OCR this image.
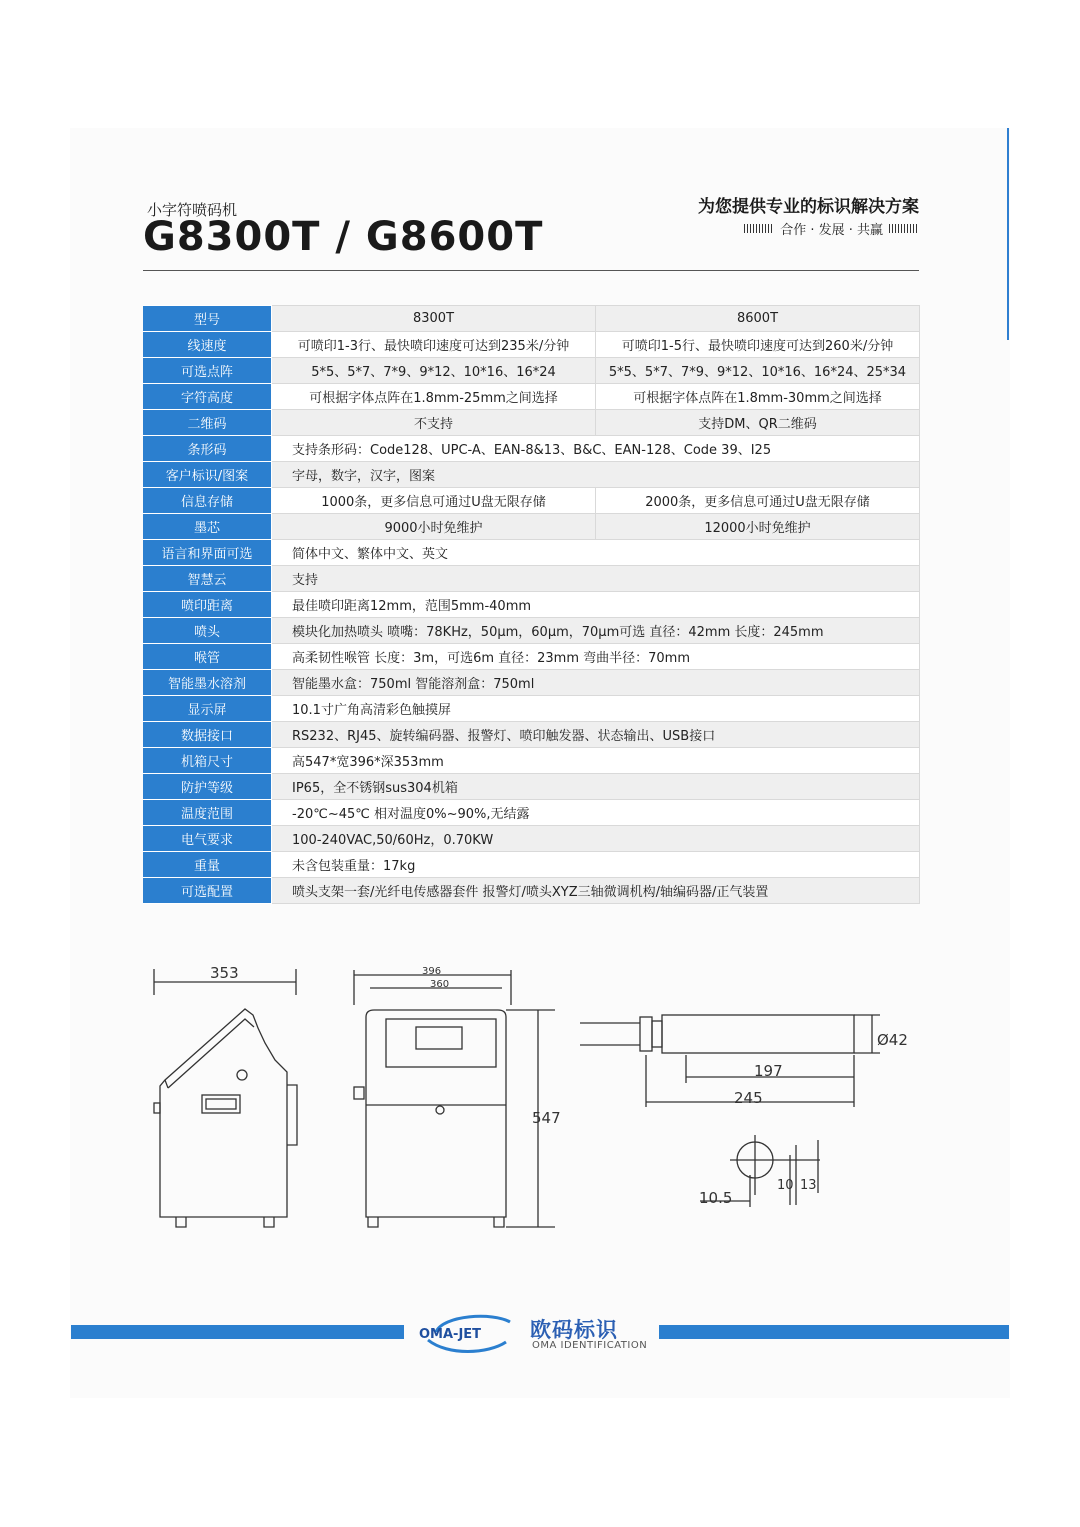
小字符喷码机
G8300T / G8600T
为您提供专业的标识解决方案
合作 · 发展 · 共赢
型号	8300T	8600T
线速度	可喷印1-3行、最快喷印速度可达到235米/分钟	可喷印1-5行、最快喷印速度可达到260米/分钟
可选点阵	5*5、5*7、7*9、9*12、10*16、16*24	5*5、5*7、7*9、9*12、10*16、16*24、25*34
字符高度	可根据字体点阵在1.8mm-25mm之间选择	可根据字体点阵在1.8mm-30mm之间选择
二维码	不支持	支持DM、QR二维码
条形码	支持条形码：Code128、UPC-A、EAN-8&13、B&C、EAN-128、Code 39、I25	
客户标识/图案	字母，数字，汉字，图案	
信息存储	1000条，更多信息可通过U盘无限存储	2000条，更多信息可通过U盘无限存储
墨芯	9000小时免维护	12000小时免维护
语言和界面可选	简体中文、繁体中文、英文	
智慧云	支持	
喷印距离	最佳喷印距离12mm，范围5mm-40mm	
喷头	模块化加热喷头 喷嘴：78KHz，50μm，60μm，70μm可选 直径：42mm 长度：245mm	
喉管	高柔韧性喉管 长度：3m，可选6m 直径：23mm 弯曲半径：70mm	
智能墨水溶剂	智能墨水盒：750ml 智能溶剂盒：750ml	
显示屏	10.1寸广角高清彩色触摸屏	
数据接口	RS232、RJ45、旋转编码器、报警灯、喷印触发器、状态输出、USB接口	
机箱尺寸	高547*宽396*深353mm	
防护等级	IP65，全不锈钢sus304机箱	
温度范围	-20℃~45℃ 相对温度0%~90%,无结露	
电气要求	100-240VAC,50/60Hz，0.70KW	
重量	未含包装重量：17kg	
可选配置	喷头支架一套/光纤电传感器套件 报警灯/喷头XYZ三轴微调机构/轴编码器/正气装置	
353	396
360
547
Ø42
197
245
10 13
10.5
OMA-JET 欧码标识
OMA IDENTIFICATION
